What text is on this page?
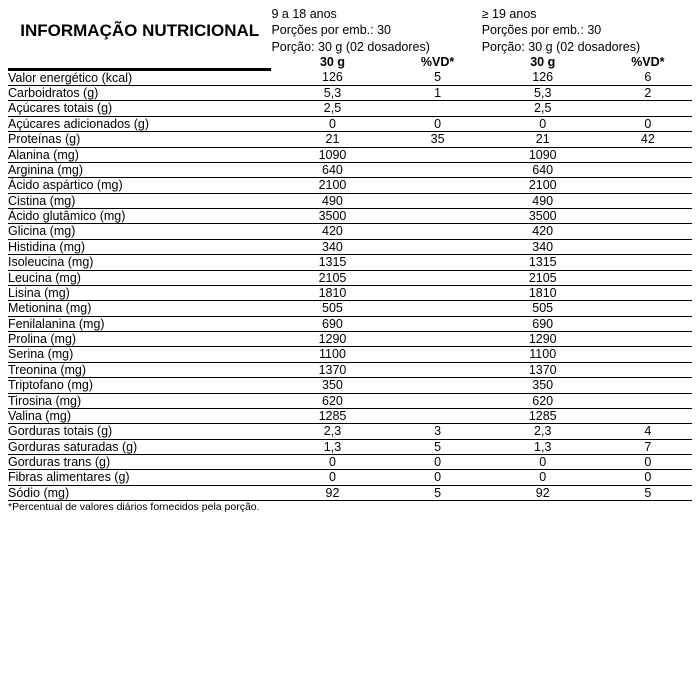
INFORMAÇÃO NUTRICIONAL	9 a 18 anos
Porções por emb.: 30
Porção: 30 g (02 dosadores)		≥ 19 anos
Porções por emb.: 30
Porção: 30 g (02 dosadores)	

	30 g	%VD*	30 g	%VD*
Valor energético (kcal)	126	5	126	6
Carboidratos (g)	5,3	1	5,3	2
Açúcares totais (g)	2,5		2,5	
Açúcares adicionados (g)	0	0	0	0
Proteínas (g)	21	35	21	42
Alanina (mg)	1090		1090	
Arginina (mg)	640		640	
Ácido aspártico (mg)	2100		2100	
Cistina (mg)	490		490	
Ácido glutâmico (mg)	3500		3500	
Glicina (mg)	420		420	
Histidina (mg)	340		340	
Isoleucina (mg)	1315		1315	
Leucina (mg)	2105		2105	
Lisina (mg)	1810		1810	
Metionina (mg)	505		505	
Fenilalanina (mg)	690		690	
Prolina (mg)	1290		1290	
Serina (mg)	1100		1100	
Treonina (mg)	1370		1370	
Triptofano (mg)	350		350	
Tirosina (mg)	620		620	
Valina (mg)	1285		1285	
Gorduras totais (g)	2,3	3	2,3	4
Gorduras saturadas (g)	1,3	5	1,3	7
Gorduras trans (g)	0	0	0	0
Fibras alimentares (g)	0	0	0	0
Sódio (mg)	92	5	92	5
*Percentual de valores diários fornecidos pela porção.				
